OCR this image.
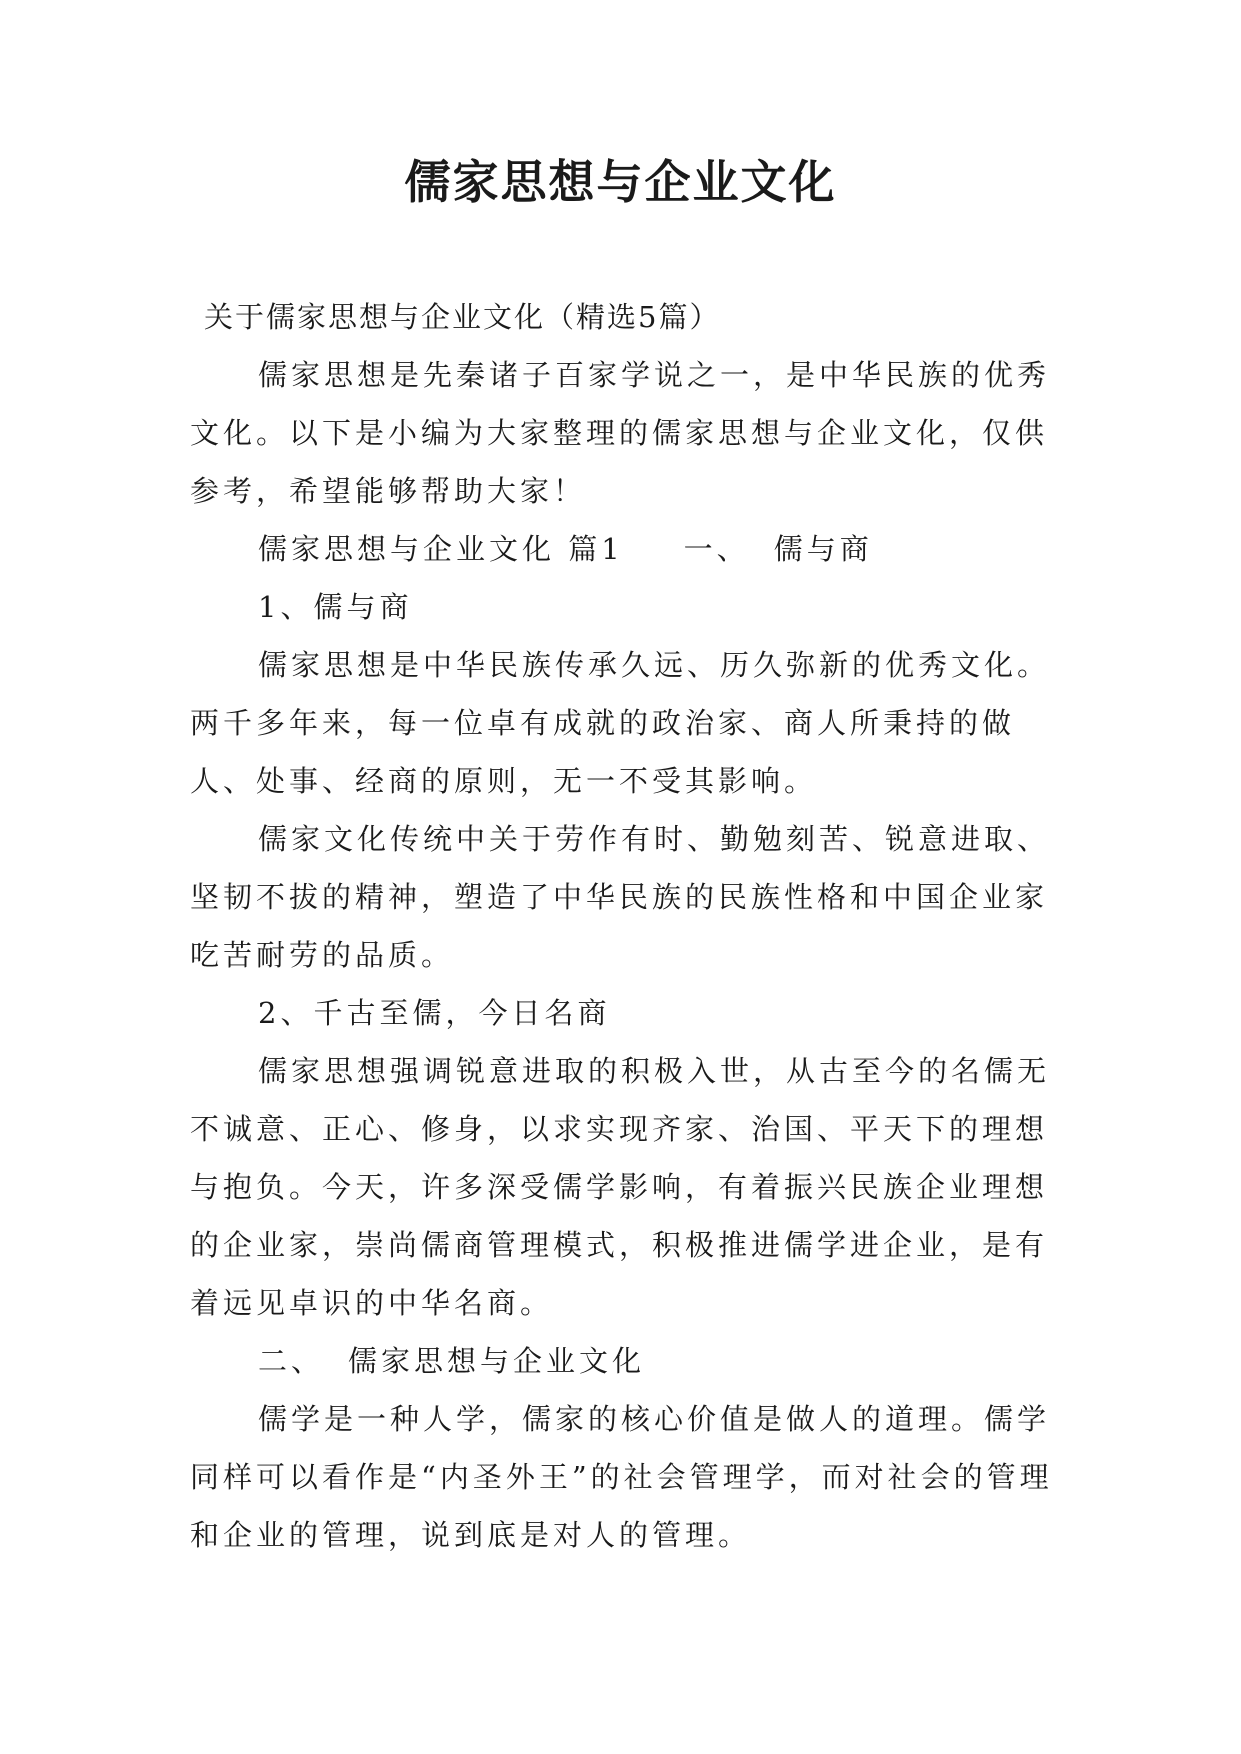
儒家思想与企业文化

关于儒家思想与企业文化（精选5篇）

儒家思想是先秦诸子百家学说之一，是中华民族的优秀文化。以下是小编为大家整理的儒家思想与企业文化，仅供参考，希望能够帮助大家！

儒家思想与企业文化 篇1 一、 儒与商

1、儒与商

儒家思想是中华民族传承久远、历久弥新的优秀文化。两千多年来，每一位卓有成就的政治家、商人所秉持的做人、处事、经商的原则，无一不受其影响。

儒家文化传统中关于劳作有时、勤勉刻苦、锐意进取、坚韧不拔的精神，塑造了中华民族的民族性格和中国企业家吃苦耐劳的品质。

2、千古至儒，今日名商

儒家思想强调锐意进取的积极入世，从古至今的名儒无不诚意、正心、修身，以求实现齐家、治国、平天下的理想与抱负。今天，许多深受儒学影响，有着振兴民族企业理想的企业家，崇尚儒商管理模式，积极推进儒学进企业，是有着远见卓识的中华名商。

二、 儒家思想与企业文化

儒学是一种人学，儒家的核心价值是做人的道理。儒学同样可以看作是“内圣外王”的社会管理学，而对社会的管理和企业的管理，说到底是对人的管理。
